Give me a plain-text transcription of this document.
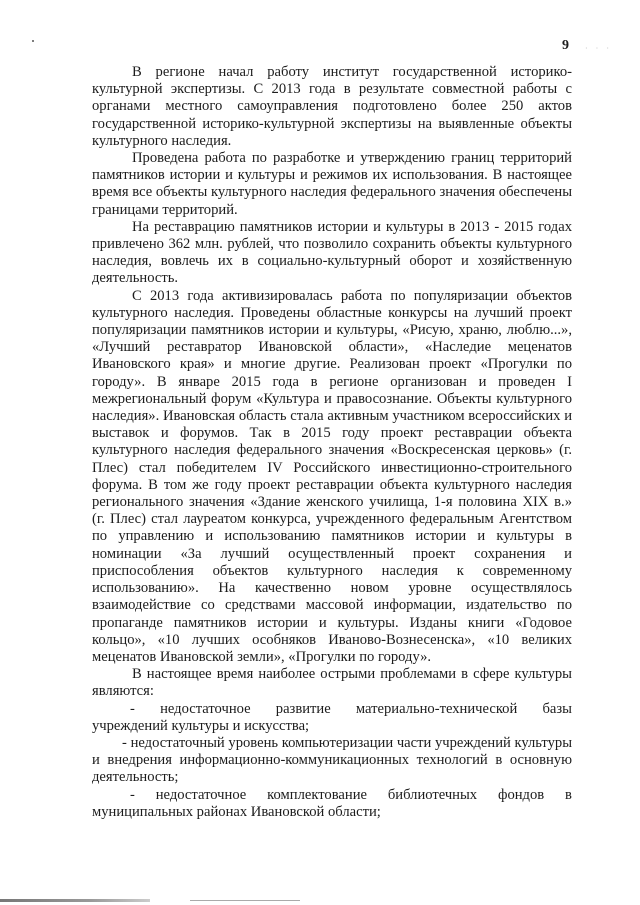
9 · · ·

В регионе начал работу институт государственной историко-культурной экспертизы. С 2013 года в результате совместной работы с органами местного самоуправления подготовлено более 250 актов государственной историко-культурной экспертизы на выявленные объекты культурного наследия.

Проведена работа по разработке и утверждению границ территорий памятников истории и культуры и режимов их использования. В настоящее время все объекты культурного наследия федерального значения обеспечены границами территорий.

На реставрацию памятников истории и культуры в 2013 - 2015 годах привлечено 362 млн. рублей, что позволило сохранить объекты культурного наследия, вовлечь их в социально-культурный оборот и хозяйственную деятельность.

С 2013 года активизировалась работа по популяризации объектов культурного наследия. Проведены областные конкурсы на лучший проект популяризации памятников истории и культуры, «Рисую, храню, люблю...», «Лучший реставратор Ивановской области», «Наследие меценатов Ивановского края» и многие другие. Реализован проект «Прогулки по городу». В январе 2015 года в регионе организован и проведен I межрегиональный форум «Культура и правосознание. Объекты культурного наследия». Ивановская область стала активным участником всероссийских и выставок и форумов. Так в 2015 году проект реставрации объекта культурного наследия федерального значения «Воскресенская церковь» (г. Плес) стал победителем IV Российского инвестиционно-строительного форума. В том же году проект реставрации объекта культурного наследия регионального значения «Здание женского училища, 1-я половина XIX в.» (г. Плес) стал лауреатом конкурса, учрежденного федеральным Агентством по управлению и использованию памятников истории и культуры в номинации «За лучший осуществленный проект сохранения и приспособления объектов культурного наследия к современному использованию». На качественно новом уровне осуществлялось взаимодействие со средствами массовой информации, издательство по пропаганде памятников истории и культуры. Изданы книги «Годовое кольцо», «10 лучших особняков Иваново-Вознесенска», «10 великих меценатов Ивановской земли», «Прогулки по городу».

В настоящее время наиболее острыми проблемами в сфере культуры являются:

- недостаточное развитие материально-технической базы
учреждений культуры и искусства;
- недостаточный уровень компьютеризации части учреждений культуры и внедрения информационно-коммуникационных технологий в основную деятельность;
- недостаточное комплектование библиотечных фондов в
муниципальных районах Ивановской области;
